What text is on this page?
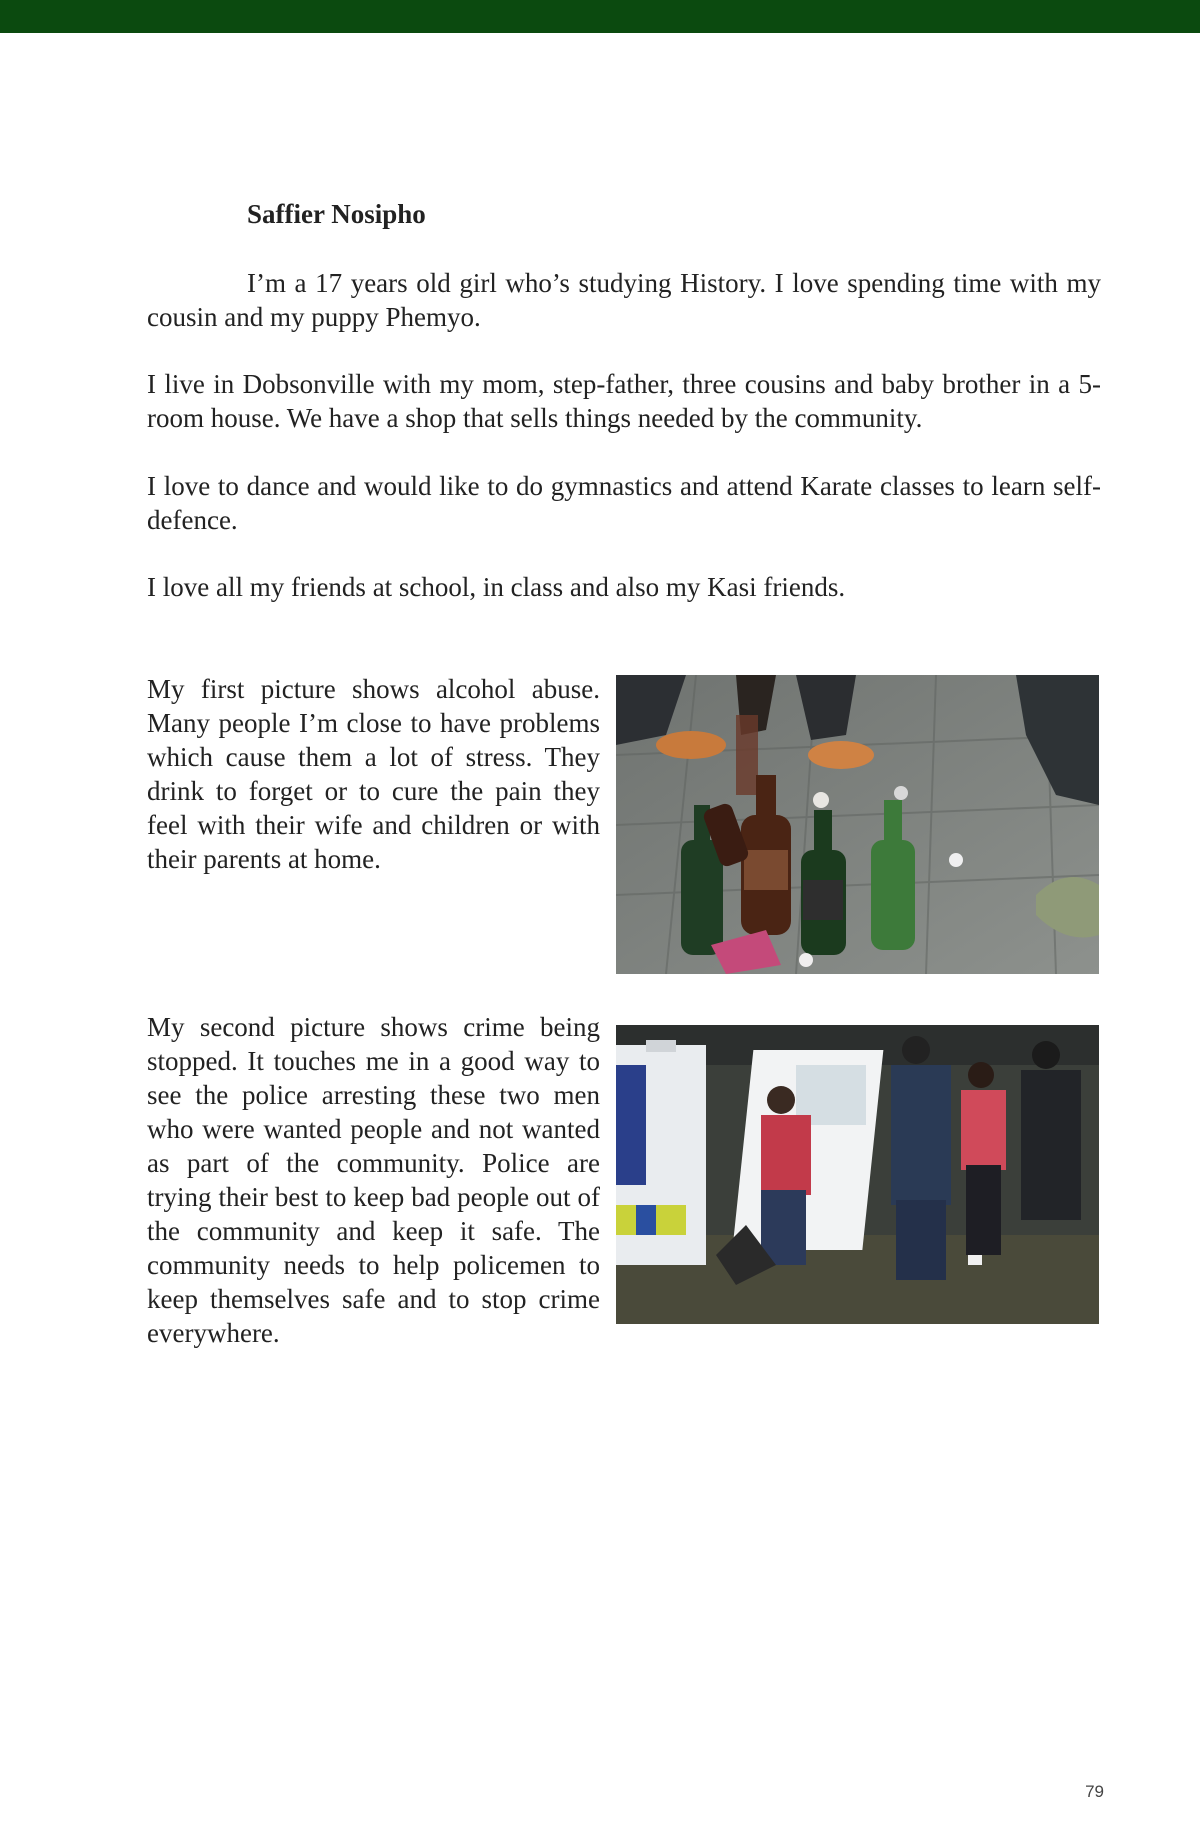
Saffier Nosipho

I’m a 17 years old girl who’s studying History. I love spending time with my cousin and my puppy Phemyo.

I live in Dobsonville with my mom, step-father, three cousins and baby brother in a 5-room house. We have a shop that sells things needed by the community.

I love to dance and would like to do gymnastics and attend Karate classes to learn self-defence.

I love all my friends at school, in class and also my Kasi friends.

My first picture shows alcohol abuse. Many people I’m close to have problems which cause them a lot of stress. They drink to forget or to cure the pain they feel with their wife and children or with their parents at home.

My second picture shows crime being stopped. It touches me in a good way to see the police arresting these two men who were wanted people and not wanted as part of the community. Police are trying their best to keep bad people out of the community and keep it safe. The community needs to help policemen to keep themselves safe and to stop crime everywhere.

79
